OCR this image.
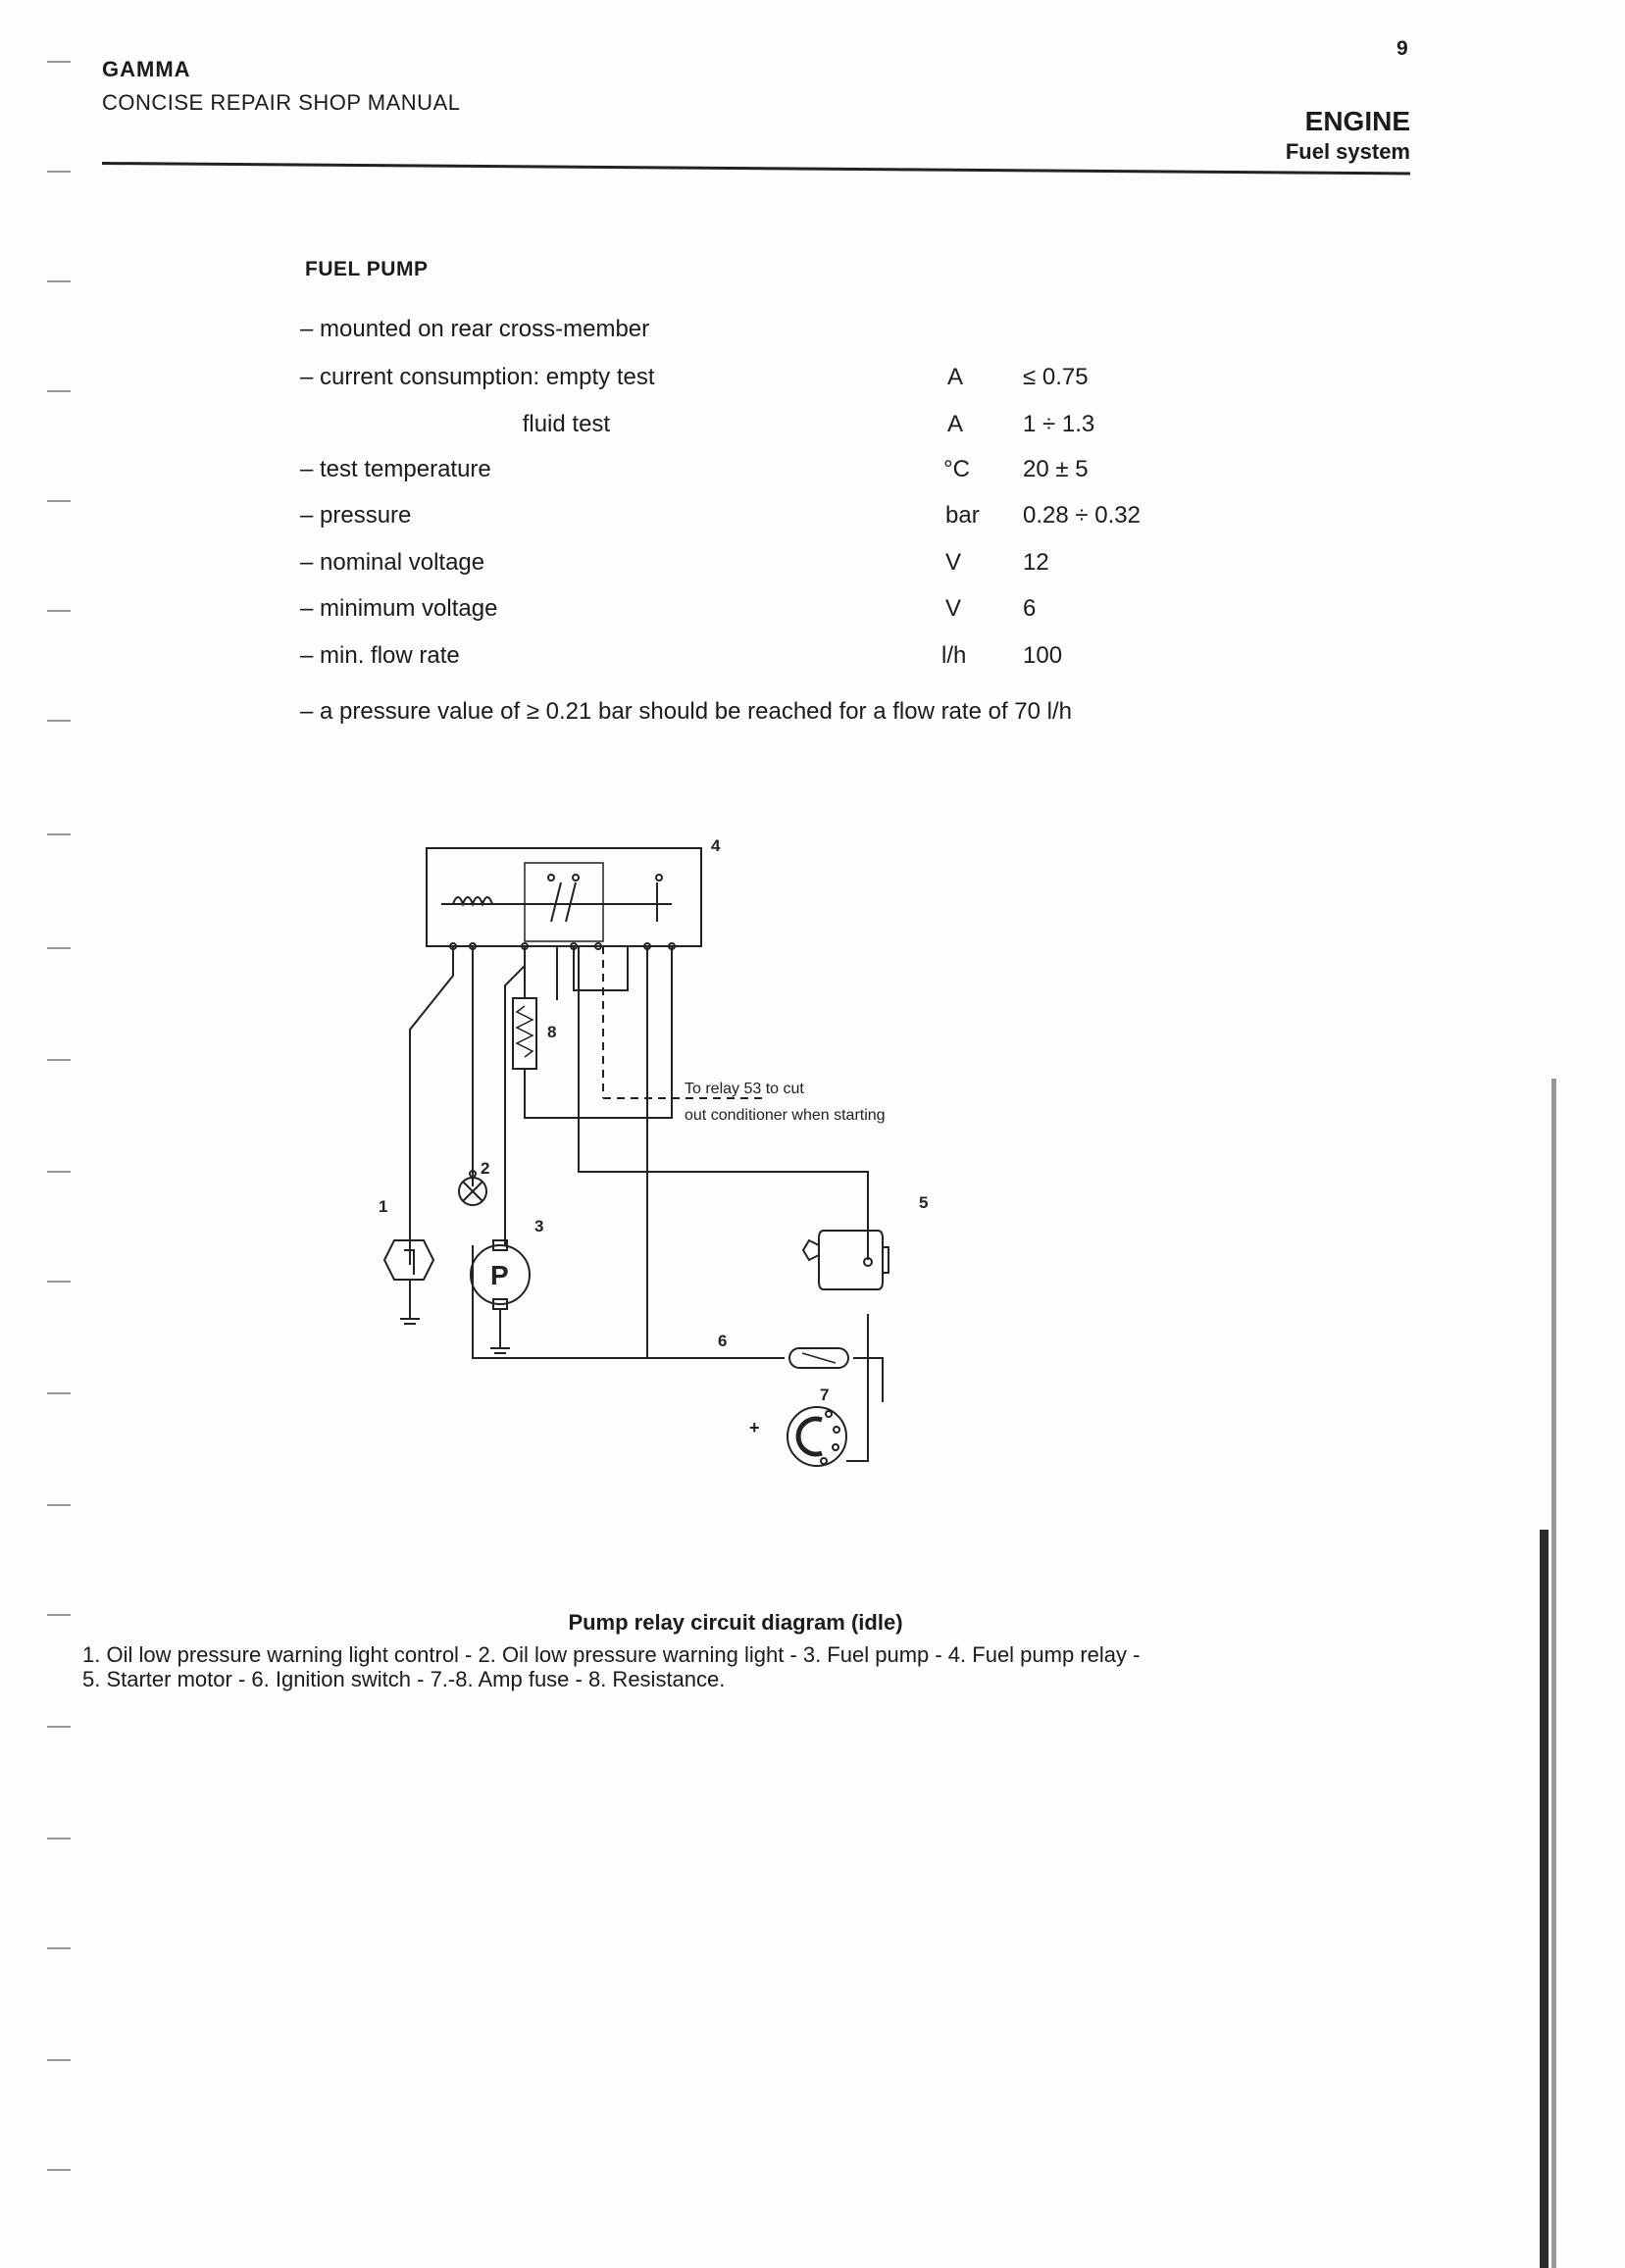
GAMMA
CONCISE REPAIR SHOP MANUAL
9
ENGINE
Fuel system
FUEL PUMP
– mounted on rear cross-member
– current consumption: empty test	A	≤ 0.75
fluid test	A	1 ÷ 1.3
– test temperature	°C 20 ± 5
– pressure	bar 0.28 ÷ 0.32
– nominal voltage	V	12
– minimum voltage	V	6
– min. flow rate	l/h 100
– a pressure value of ≥ 0.21 bar should be reached for a flow rate of 70 l/h
4
8
2
1
3
5
6
7
P
+
To relay 53 to cut
out conditioner when starting
Pump relay circuit diagram (idle)
1. Oil low pressure warning light control - 2. Oil low pressure warning light - 3. Fuel pump - 4. Fuel pump relay -
5. Starter motor - 6. Ignition switch - 7.-8. Amp fuse - 8. Resistance.
